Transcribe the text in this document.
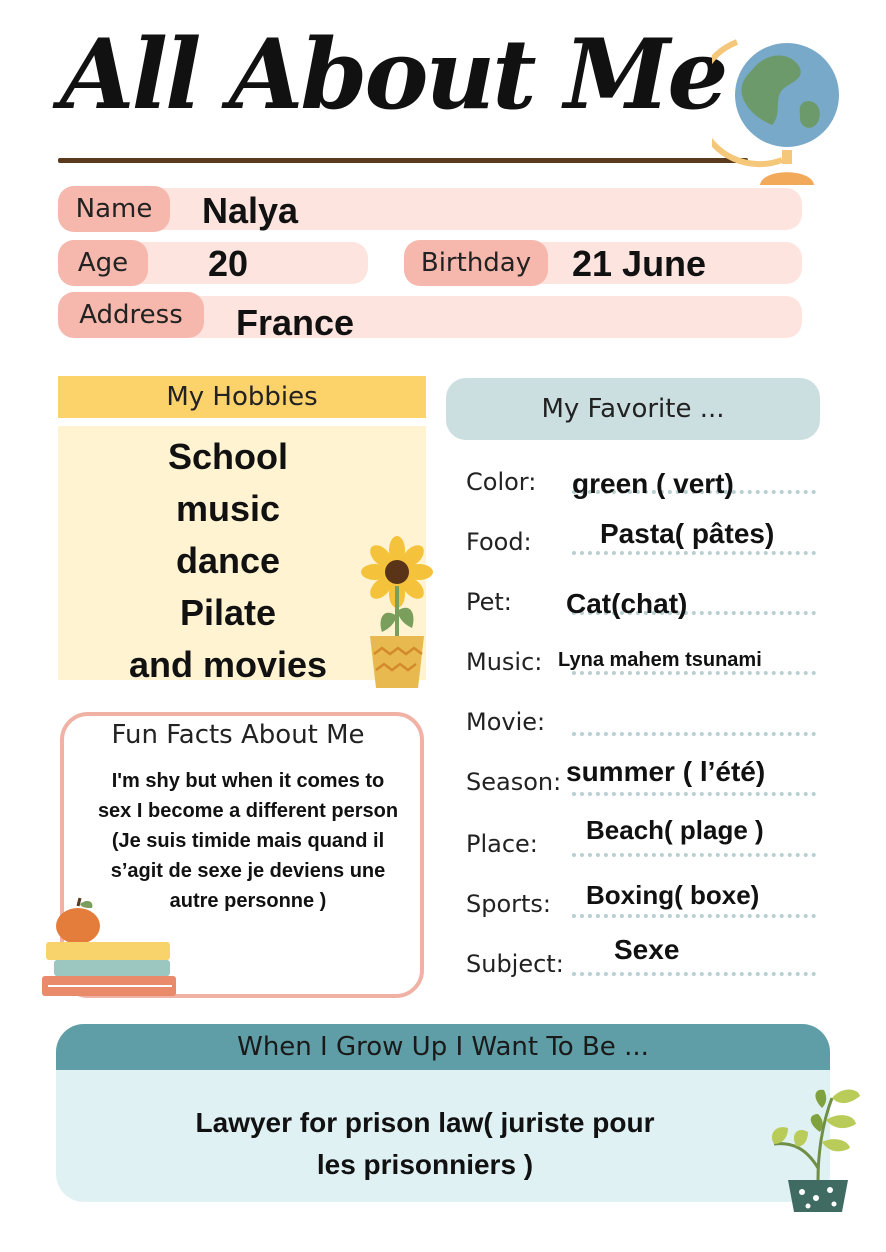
All About Me
Name	Nalya
Age	20	Birthday	21 June
Address	France
My Hobbies
School
music
dance
Pilate
and movies
Fun Facts About Me
I'm shy but when it comes to
sex I become a different person
(Je suis timide mais quand il
s’agit de sexe je deviens une
autre personne )
My Favorite ...
Color: green ( vert)
Food: Pasta( pâtes)
Pet: Cat(chat)
Music: Lyna mahem tsunami
Movie:
Season: summer ( l’été)
Place: Beach( plage )
Sports: Boxing( boxe)
Subject: Sexe
When I Grow Up I Want To Be ...
Lawyer for prison law( juriste pour
les prisonniers )
